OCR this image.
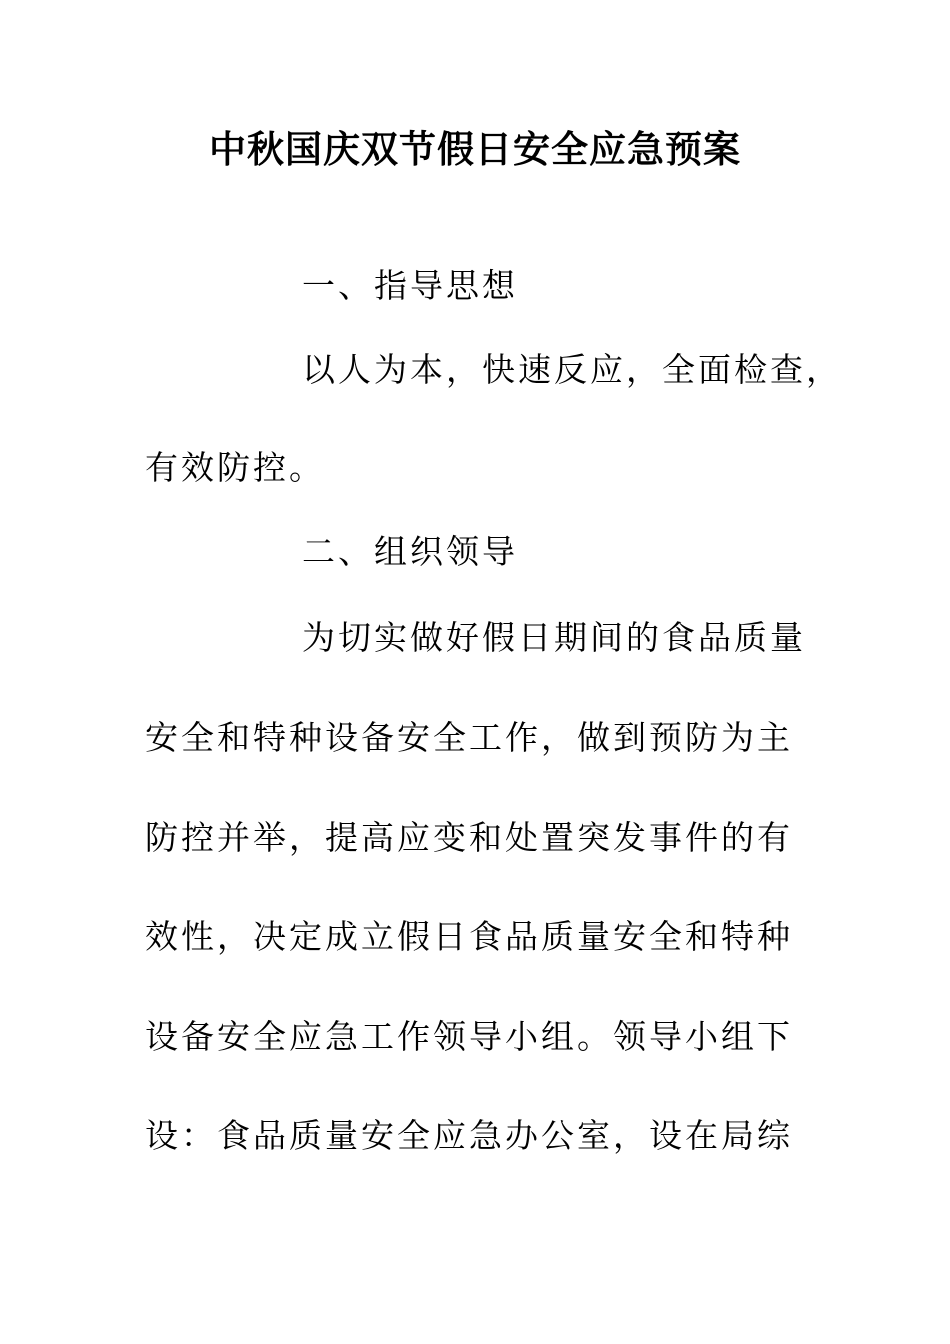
中秋国庆双节假日安全应急预案
一、指导思想
以人为本，快速反应，全面检查，
有效防控。
二、组织领导
为切实做好假日期间的食品质量
安全和特种设备安全工作，做到预防为主
防控并举，提高应变和处置突发事件的有
效性，决定成立假日食品质量安全和特种
设备安全应急工作领导小组。领导小组下
设：食品质量安全应急办公室，设在局综
